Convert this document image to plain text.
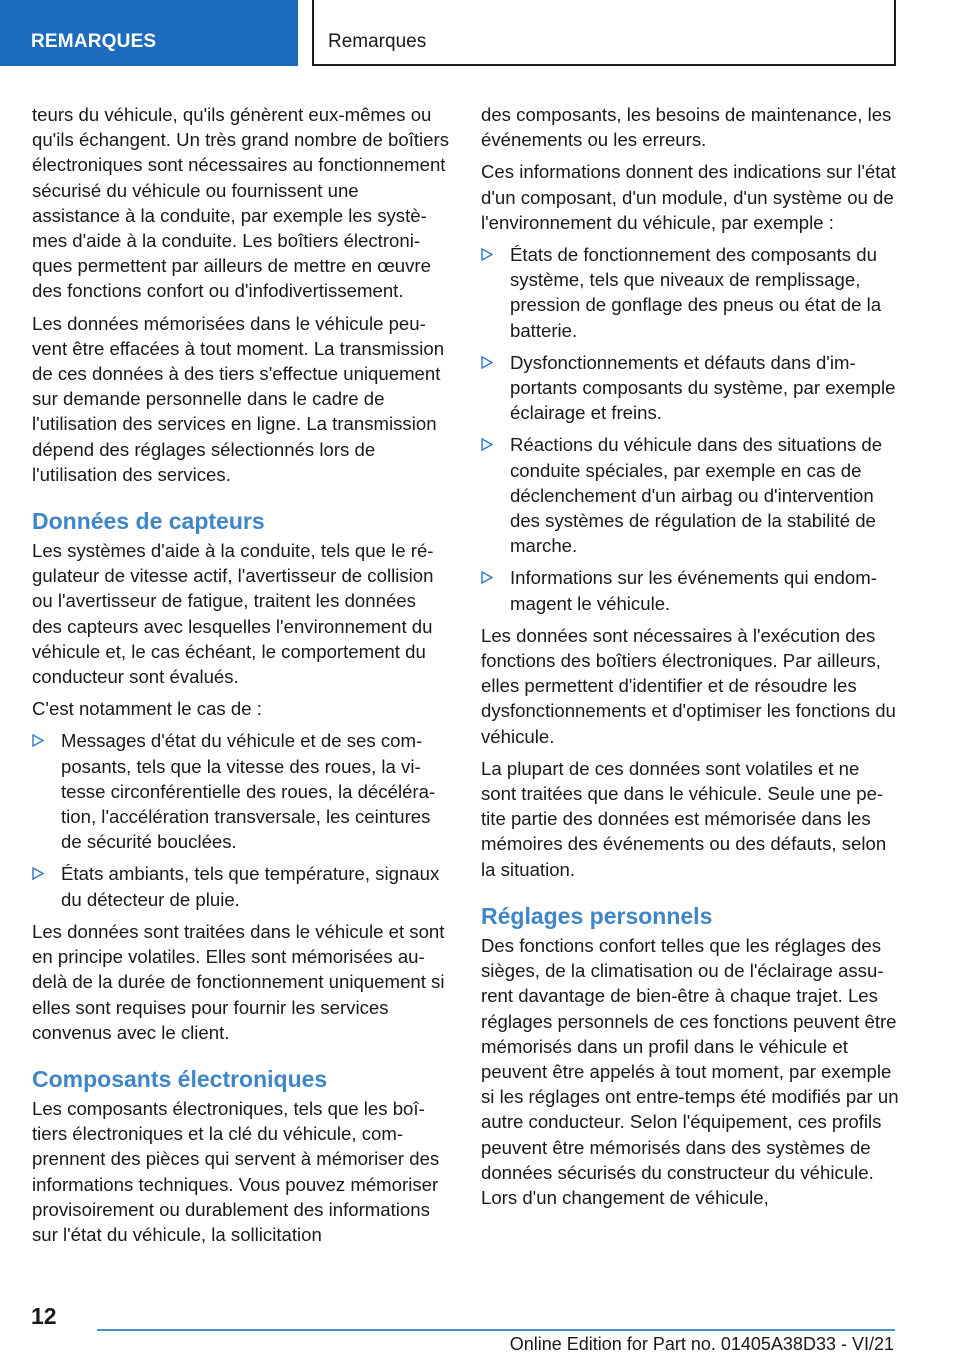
REMARQUES	Remarques

teurs du véhicule, qu'ils génèrent eux-mêmes ou qu'ils échangent. Un très grand nombre de boîtiers électroniques sont nécessaires au fonctionnement sécurisé du véhicule ou fournissent une assistance à la conduite, par exemple les systèmes d'aide à la conduite. Les boîtiers électroniques permettent par ailleurs de mettre en œuvre des fonctions confort ou d'infodivertissement.

Les données mémorisées dans le véhicule peuvent être effacées à tout moment. La transmission de ces données à des tiers s'effectue uniquement sur demande personnelle dans le cadre de l'utilisation des services en ligne. La transmission dépend des réglages sélectionnés lors de l'utilisation des services.

Données de capteurs

Les systèmes d'aide à la conduite, tels que le régulateur de vitesse actif, l'avertisseur de collision ou l'avertisseur de fatigue, traitent les données des capteurs avec lesquelles l'environnement du véhicule et, le cas échéant, le comportement du conducteur sont évalués.

C'est notamment le cas de :

Messages d'état du véhicule et de ses composants, tels que la vitesse des roues, la vitesse circonférentielle des roues, la décélération, l'accélération transversale, les ceintures de sécurité bouclées.
États ambiants, tels que température, signaux du détecteur de pluie.

Les données sont traitées dans le véhicule et sont en principe volatiles. Elles sont mémorisées au-delà de la durée de fonctionnement uniquement si elles sont requises pour fournir les services convenus avec le client.

Composants électroniques

Les composants électroniques, tels que les boîtiers électroniques et la clé du véhicule, comprennent des pièces qui servent à mémoriser des informations techniques. Vous pouvez mémoriser provisoirement ou durablement des informations sur l'état du véhicule, la sollicitation

des composants, les besoins de maintenance, les événements ou les erreurs.

Ces informations donnent des indications sur l'état d'un composant, d'un module, d'un système ou de l'environnement du véhicule, par exemple :

États de fonctionnement des composants du système, tels que niveaux de remplissage, pression de gonflage des pneus ou état de la batterie.
Dysfonctionnements et défauts dans d'importants composants du système, par exemple éclairage et freins.
Réactions du véhicule dans des situations de conduite spéciales, par exemple en cas de déclenchement d'un airbag ou d'intervention des systèmes de régulation de la stabilité de marche.
Informations sur les événements qui endommagent le véhicule.

Les données sont nécessaires à l'exécution des fonctions des boîtiers électroniques. Par ailleurs, elles permettent d'identifier et de résoudre les dysfonctionnements et d'optimiser les fonctions du véhicule.

La plupart de ces données sont volatiles et ne sont traitées que dans le véhicule. Seule une petite partie des données est mémorisée dans les mémoires des événements ou des défauts, selon la situation.

Réglages personnels

Des fonctions confort telles que les réglages des sièges, de la climatisation ou de l'éclairage assurent davantage de bien-être à chaque trajet. Les réglages personnels de ces fonctions peuvent être mémorisés dans un profil dans le véhicule et peuvent être appelés à tout moment, par exemple si les réglages ont entre-temps été modifiés par un autre conducteur. Selon l'équipement, ces profils peuvent être mémorisés dans des systèmes de données sécurisés du constructeur du véhicule. Lors d'un changement de véhicule,

12
Online Edition for Part no. 01405A38D33 - VI/21
